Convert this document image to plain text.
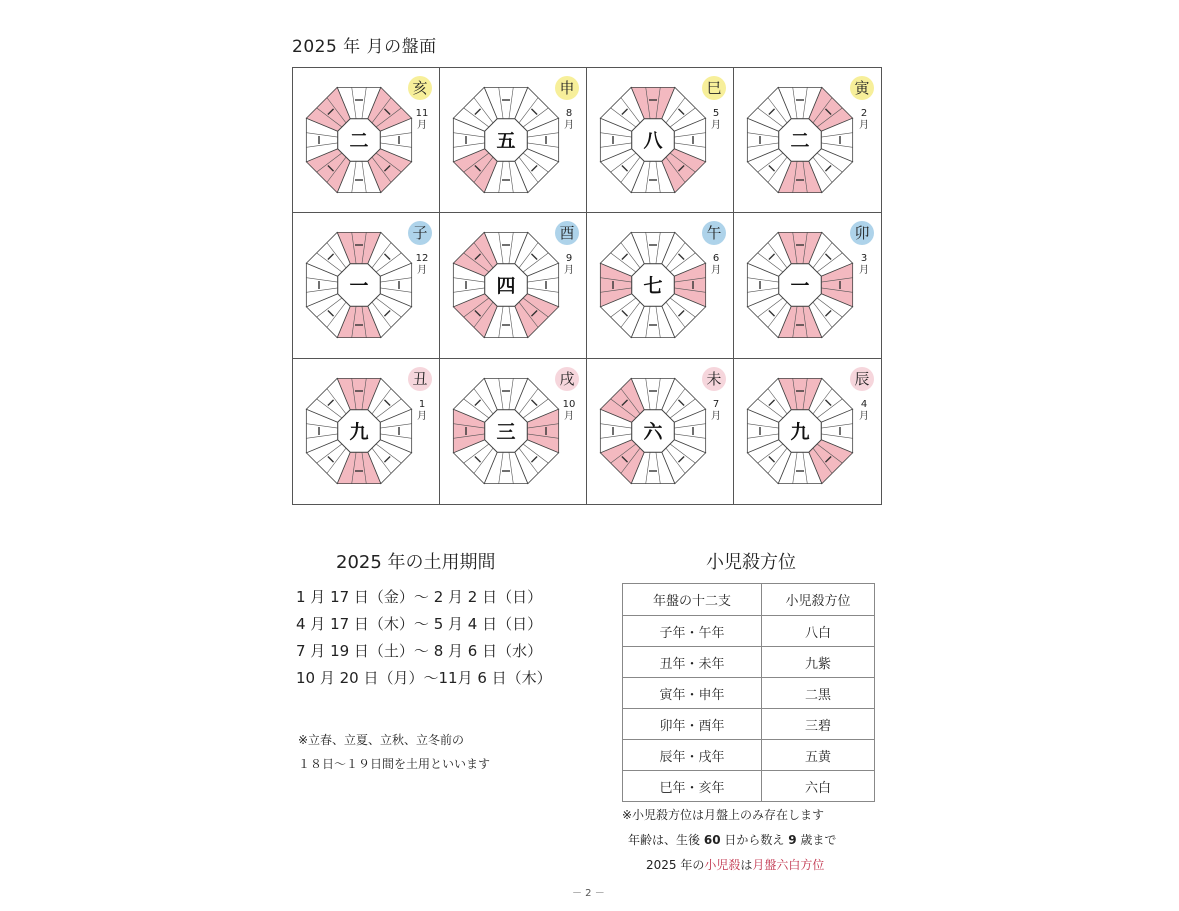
2025 年 月の盤面
二
亥
11月
五
申
8月
八
巳
5月
二
寅
2月
一
子
12月
四
酉
9月
七
午
6月
一
卯
3月
九
丑
1月
三
戌
10月
六
未
7月
九
辰
4月
2025 年の土用期間
1 月 17 日（金）～ 2 月 2 日（日）
4 月 17 日（木）～ 5 月 4 日（日）
7 月 19 日（土）～ 8 月 6 日（水）
10 月 20 日（月）～11月 6 日（木）
※立春、立夏、立秋、立冬前の
１８日～１９日間を土用といいます
小児殺方位
年盤の十二支	小児殺方位
子年・午年	八白
丑年・未年	九紫
寅年・申年	二黒
卯年・酉年	三碧
辰年・戌年	五黄
巳年・亥年	六白
※小児殺方位は月盤上のみ存在します
年齢は、生後 60 日から数え 9 歳まで
2025 年の小児殺は月盤六白方位
－ 2 －
